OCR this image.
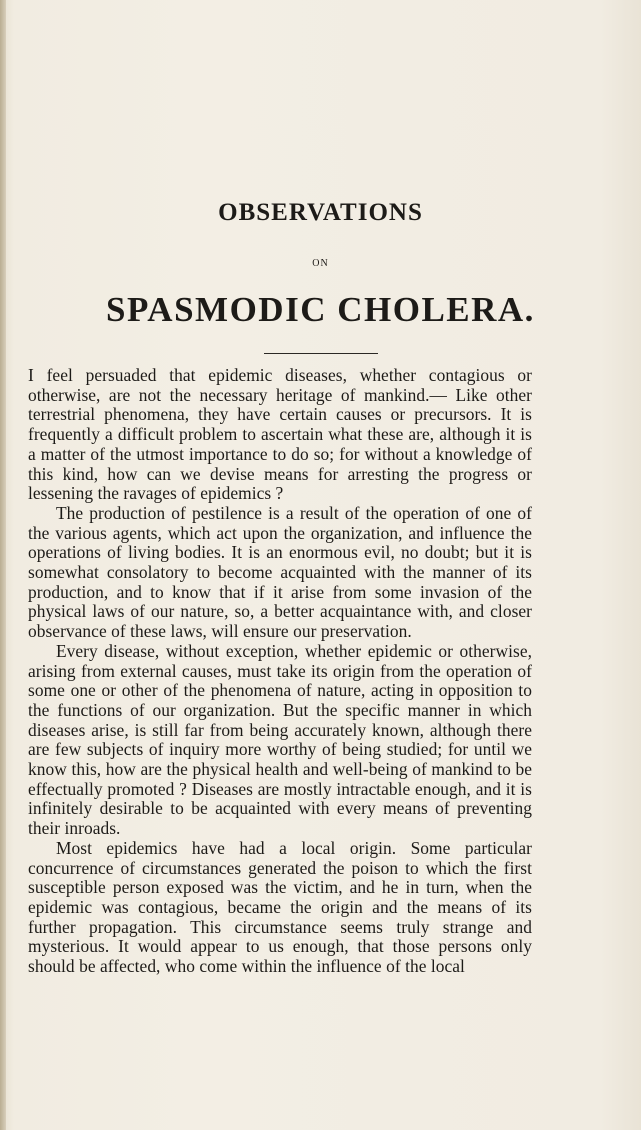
OBSERVATIONS
ON
SPASMODIC CHOLERA.

I feel persuaded that epidemic diseases, whether contagious or otherwise, are not the necessary heritage of mankind.— Like other terrestrial phenomena, they have certain causes or precursors. It is frequently a difficult problem to ascertain what these are, although it is a matter of the utmost importance to do so; for without a knowledge of this kind, how can we devise means for arresting the progress or lessening the ravages of epidemics ?

The production of pestilence is a result of the operation of one of the various agents, which act upon the organization, and influence the operations of living bodies. It is an enormous evil, no doubt; but it is somewhat consolatory to become acquainted with the manner of its production, and to know that if it arise from some invasion of the physical laws of our nature, so, a better acquaintance with, and closer observance of these laws, will ensure our preservation.

Every disease, without exception, whether epidemic or otherwise, arising from external causes, must take its origin from the operation of some one or other of the phenomena of nature, acting in opposition to the functions of our organization. But the specific manner in which diseases arise, is still far from being accurately known, although there are few subjects of inquiry more worthy of being studied; for until we know this, how are the physical health and well-being of mankind to be effectually promoted ? Diseases are mostly intractable enough, and it is infinitely desirable to be acquainted with every means of preventing their inroads.

Most epidemics have had a local origin. Some particular concurrence of circumstances generated the poison to which the first susceptible person exposed was the victim, and he in turn, when the epidemic was contagious, became the origin and the means of its further propagation. This circumstance seems truly strange and mysterious. It would appear to us enough, that those persons only should be affected, who come within the influence of the local
